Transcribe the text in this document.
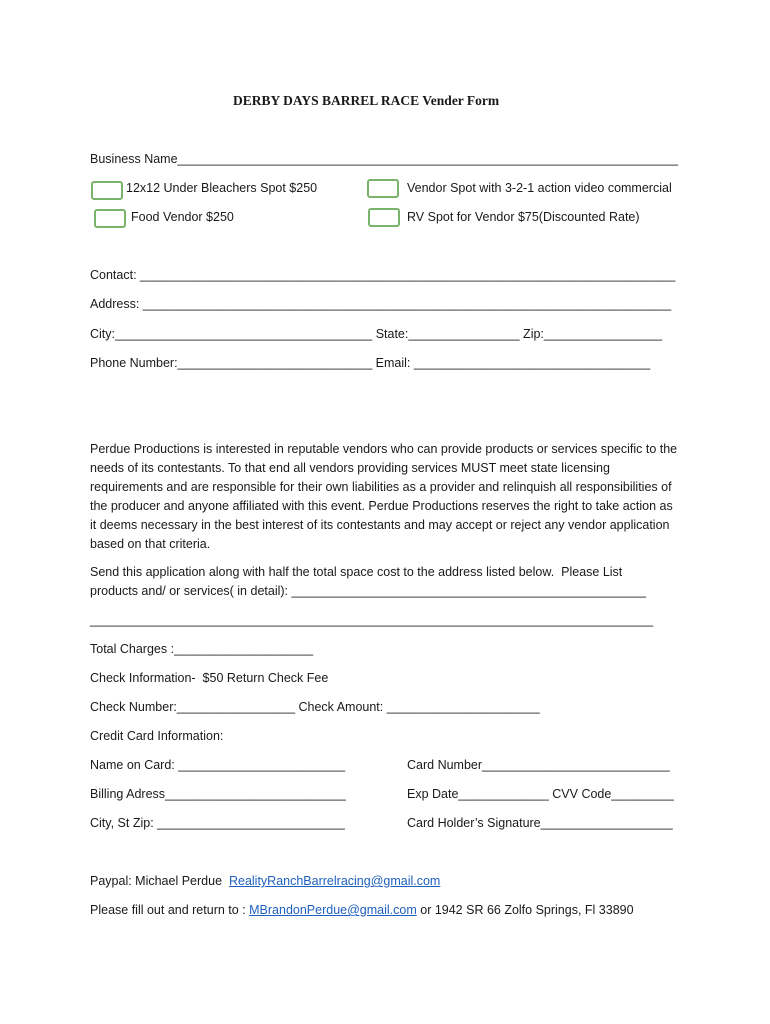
DERBY DAYS BARREL RACE Vender Form
Business Name________________________________________________________________________
12x12 Under Bleachers Spot $250	Vendor Spot with 3-2-1 action video commercial
Food Vendor $250	RV Spot for Vendor $75(Discounted Rate)
Contact: _____________________________________________________________________________
Address: ____________________________________________________________________________
City:_____________________________________ State:________________ Zip:_________________
Phone Number:____________________________ Email: __________________________________
Perdue Productions is interested in reputable vendors who can provide products or services specific to the needs of its contestants. To that end all vendors providing services MUST meet state licensing requirements and are responsible for their own liabilities as a provider and relinquish all responsibilities of the producer and anyone affiliated with this event. Perdue Productions reserves the right to take action as it deems necessary in the best interest of its contestants and may accept or reject any vendor application based on that criteria.
Send this application along with half the total space cost to the address listed below.  Please List
products and/ or services( in detail): ___________________________________________________
_________________________________________________________________________________
Total Charges :____________________
Check Information-  $50 Return Check Fee
Check Number:_________________ Check Amount: ______________________
Credit Card Information:
Name on Card: ________________________	Card Number___________________________
Billing Adress__________________________	Exp Date_____________ CVV Code_________
City, St Zip: ___________________________	Card Holder’s Signature___________________
Paypal: Michael Perdue  RealityRanchBarrelracing@gmail.com
Please fill out and return to : MBrandonPerdue@gmail.com or 1942 SR 66 Zolfo Springs, Fl 33890
